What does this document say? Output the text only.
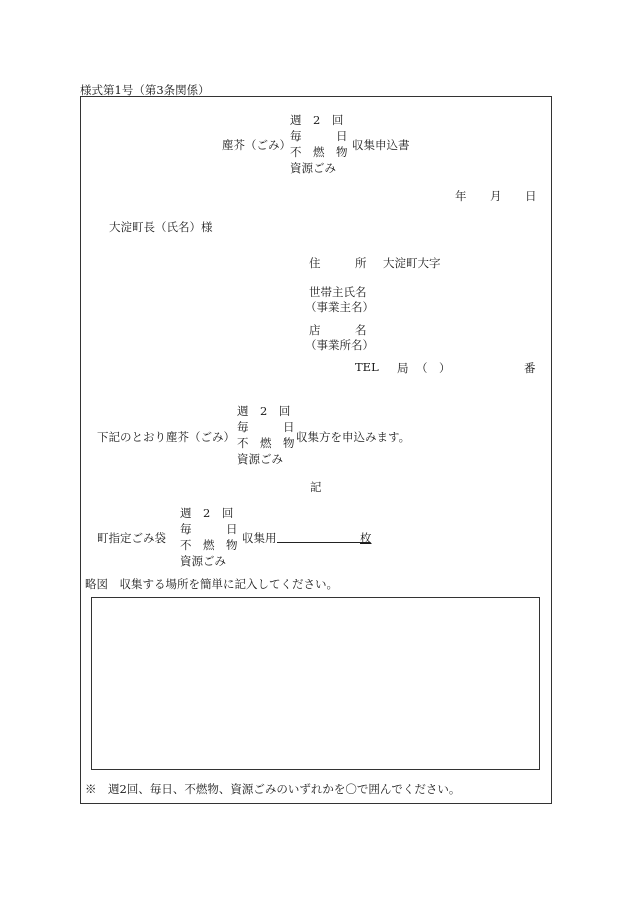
様式第1号（第3条関係）
塵芥（ごみ）
週　2　回
毎　　　日
不　燃　物
資源ごみ
収集申込書
年 月 日
大淀町長（氏名）様
住　　　所 大淀町大字
世帯主氏名
（事業主名）
店　　　名
（事業所名）
TEL 局 （　）	番
下記のとおり塵芥（ごみ）
週　2　回
毎　　　日
不　燃　物
資源ごみ
収集方を申込みます。
記
町指定ごみ袋
週　2　回
毎　　　日
不　燃　物
資源ごみ
収集用	枚
略図　収集する場所を簡単に記入してください。
※　週2回、毎日、不燃物、資源ごみのいずれかを〇で囲んでください。
